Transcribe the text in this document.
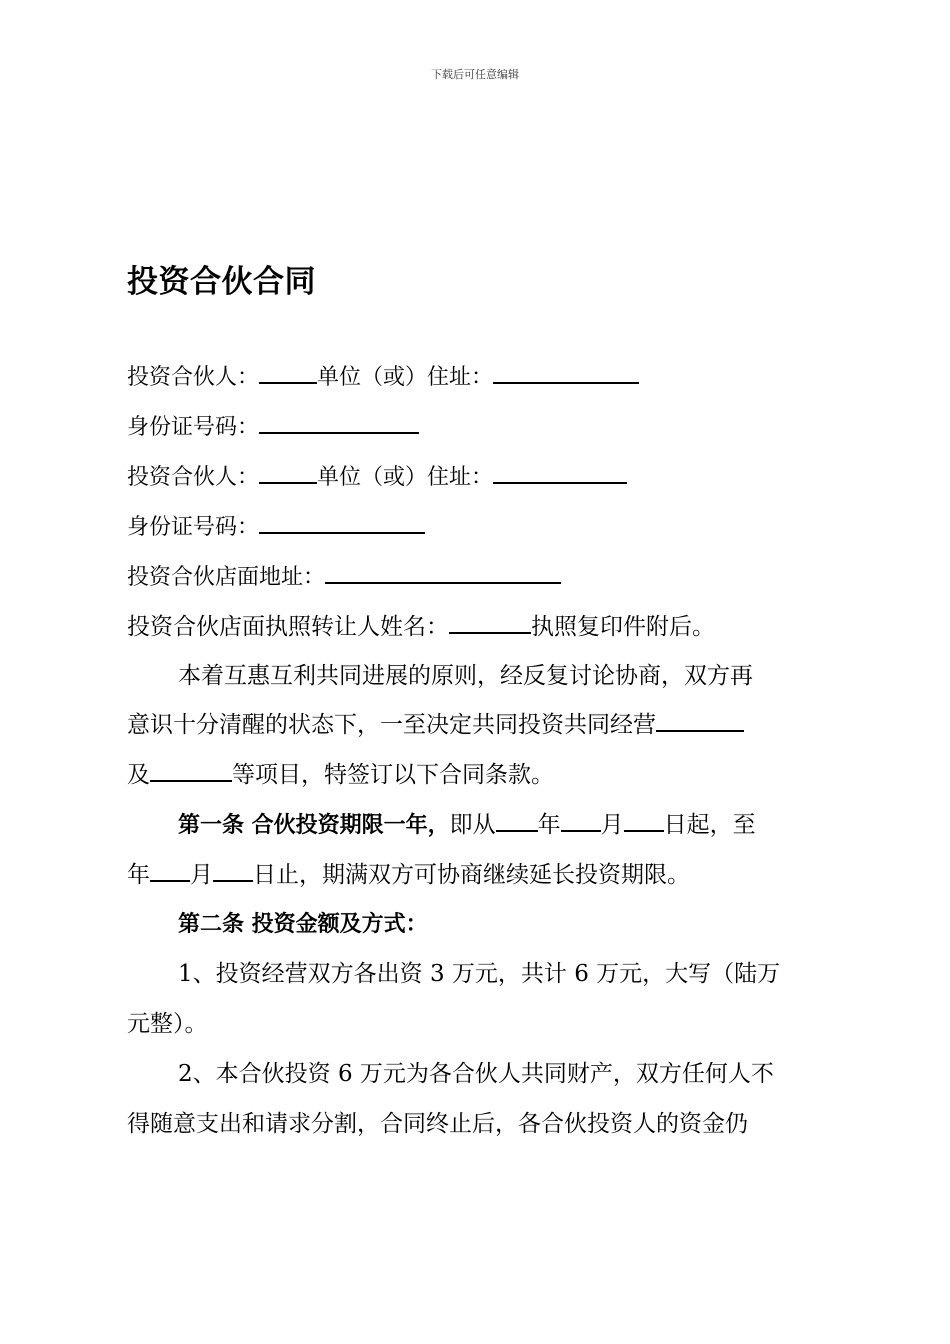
下载后可任意编辑
投资合伙合同
投资合伙人：	单位（或）住址：
身份证号码：
投资合伙人：	单位（或）住址：
身份证号码：
投资合伙店面地址：
投资合伙店面执照转让人姓名：	执照复印件附后。
本着互惠互利共同进展的原则，经反复讨论协商，双方再
意识十分清醒的状态下，一至决定共同投资共同经营
及	等项目，特签订以下合同条款。
第一条 合伙投资期限一年，即从 年 月 日起，至
年 月 日止，期满双方可协商继续延长投资期限。
第二条 投资金额及方式：
1、投资经营双方各出资 3 万元，共计 6 万元，大写（陆万
元整）。
2、本合伙投资 6 万元为各合伙人共同财产，双方任何人不
得随意支出和请求分割，合同终止后，各合伙投资人的资金仍
